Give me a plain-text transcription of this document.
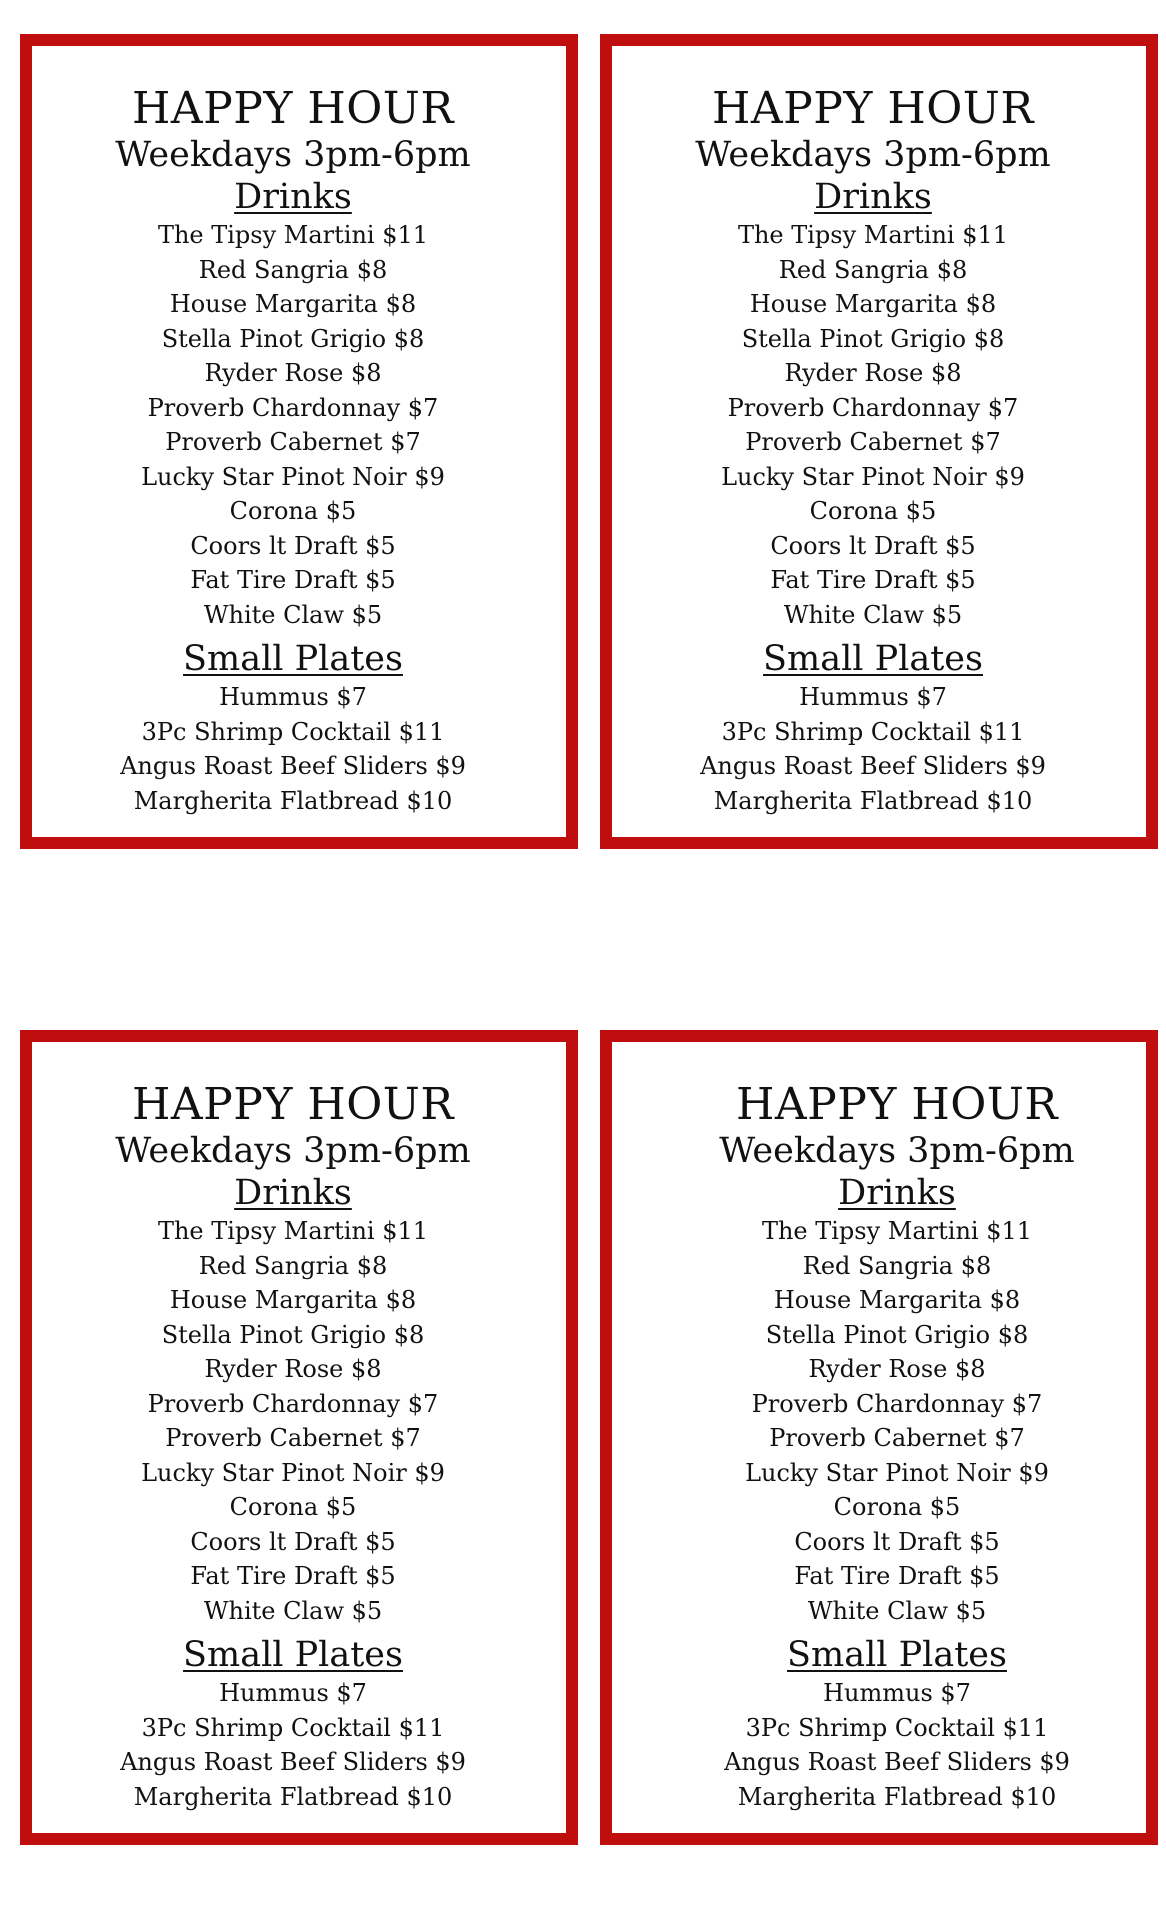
HAPPY HOUR

Weekdays 3pm-6pm

Drinks

The Tipsy Martini $11
Red Sangria $8
House Margarita $8
Stella Pinot Grigio $8
Ryder Rose $8
Proverb Chardonnay $7
Proverb Cabernet $7
Lucky Star Pinot Noir $9
Corona $5
Coors lt Draft $5
Fat Tire Draft $5
White Claw $5

Small Plates

Hummus $7
3Pc Shrimp Cocktail $11
Angus Roast Beef Sliders $9
Margherita Flatbread $10
HAPPY HOUR

Weekdays 3pm-6pm

Drinks

The Tipsy Martini $11
Red Sangria $8
House Margarita $8
Stella Pinot Grigio $8
Ryder Rose $8
Proverb Chardonnay $7
Proverb Cabernet $7
Lucky Star Pinot Noir $9
Corona $5
Coors lt Draft $5
Fat Tire Draft $5
White Claw $5

Small Plates

Hummus $7
3Pc Shrimp Cocktail $11
Angus Roast Beef Sliders $9
Margherita Flatbread $10
HAPPY HOUR

Weekdays 3pm-6pm

Drinks

The Tipsy Martini $11
Red Sangria $8
House Margarita $8
Stella Pinot Grigio $8
Ryder Rose $8
Proverb Chardonnay $7
Proverb Cabernet $7
Lucky Star Pinot Noir $9
Corona $5
Coors lt Draft $5
Fat Tire Draft $5
White Claw $5

Small Plates

Hummus $7
3Pc Shrimp Cocktail $11
Angus Roast Beef Sliders $9
Margherita Flatbread $10
HAPPY HOUR

Weekdays 3pm-6pm

Drinks

The Tipsy Martini $11
Red Sangria $8
House Margarita $8
Stella Pinot Grigio $8
Ryder Rose $8
Proverb Chardonnay $7
Proverb Cabernet $7
Lucky Star Pinot Noir $9
Corona $5
Coors lt Draft $5
Fat Tire Draft $5
White Claw $5

Small Plates

Hummus $7
3Pc Shrimp Cocktail $11
Angus Roast Beef Sliders $9
Margherita Flatbread $10
